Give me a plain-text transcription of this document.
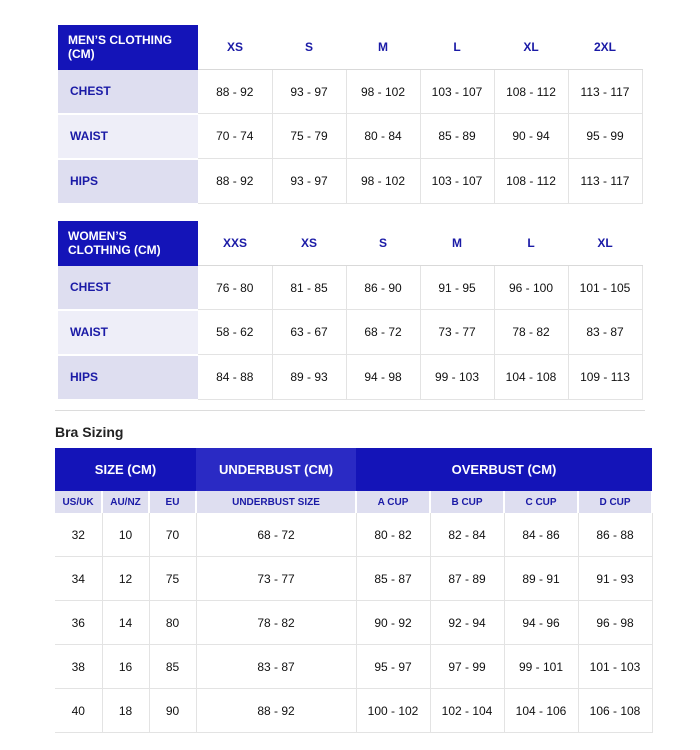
MEN’S CLOTHING (CM)	XS	S	M	L	XL	2XL
CHEST	88 - 92	93 - 97	98 - 102	103 - 107	108 - 112	113 - 117
WAIST	70 - 74	75 - 79	80 - 84	85 - 89	90 - 94	95 - 99
HIPS	88 - 92	93 - 97	98 - 102	103 - 107	108 - 112	113 - 117
WOMEN’S CLOTHING (CM)	XXS	XS	S	M	L	XL
CHEST	76 - 80	81 - 85	86 - 90	91 - 95	96 - 100	101 - 105
WAIST	58 - 62	63 - 67	68 - 72	73 - 77	78 - 82	83 - 87
HIPS	84 - 88	89 - 93	94 - 98	99 - 103	104 - 108	109 - 113
Bra Sizing
SIZE (CM)			UNDERBUST (CM)	OVERBUST (CM)			
US/UK	AU/NZ	EU	UNDERBUST SIZE	A CUP	B CUP	C CUP	D CUP
32	10	70	68 - 72	80 - 82	82 - 84	84 - 86	86 - 88
34	12	75	73 - 77	85 - 87	87 - 89	89 - 91	91 - 93
36	14	80	78 - 82	90 - 92	92 - 94	94 - 96	96 - 98
38	16	85	83 - 87	95 - 97	97 - 99	99 - 101	101 - 103
40	18	90	88 - 92	100 - 102	102 - 104	104 - 106	106 - 108
